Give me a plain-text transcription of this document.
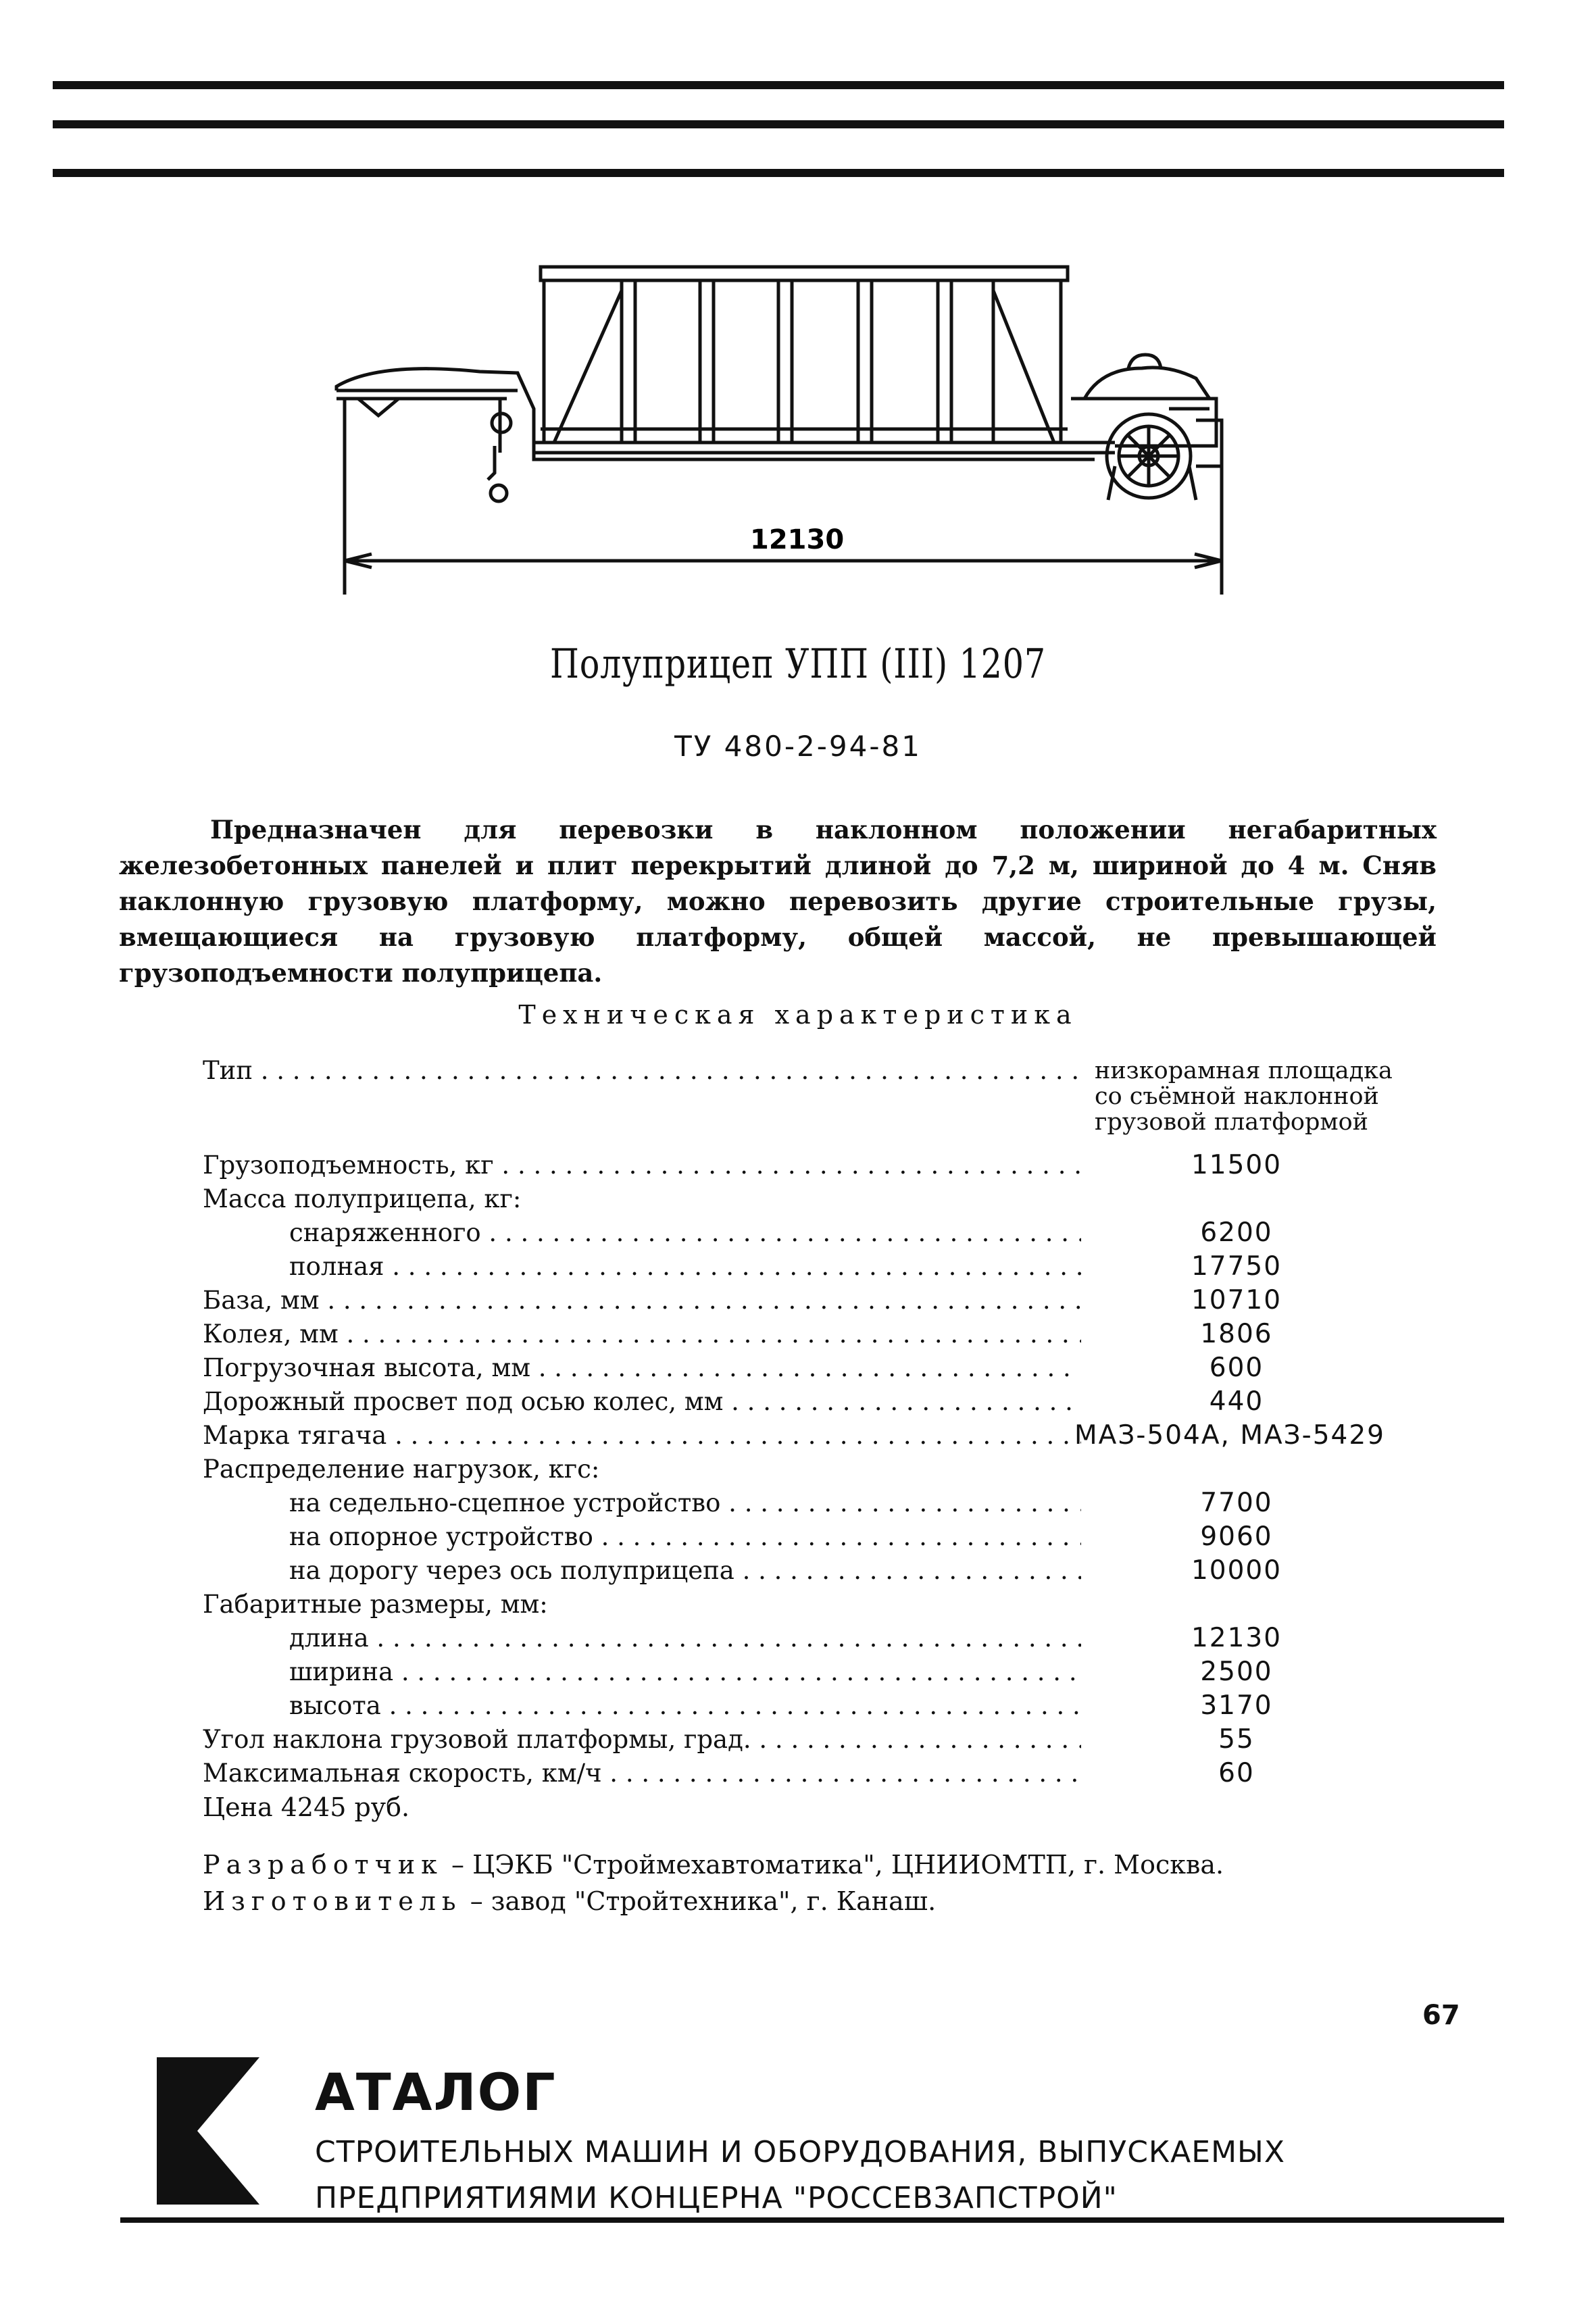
12130
Полуприцеп УПП (III) 1207
ТУ 480-2-94-81

Предназначен для перевозки в наклонном положении негабаритных железобетонных панелей и плит перекрытий длиной до 7,2 м, шириной до 4 м. Сняв наклонную грузовую платформу, можно перевозить другие строительные грузы, вмещающиеся на грузовую платформу, общей массой, не превышающей грузоподъемности полуприцепа.

Техническая характеристика
Тип . . .	низкорамная площадка
со съёмной наклонной
грузовой платформой
Грузоподъемность, кг . . .	11500
Масса полуприцепа, кг:
снаряженного . . .	6200
полная . . .	17750
База, мм . . .	10710
Колея, мм . . .	1806
Погрузочная высота, мм . . .	600
Дорожный просвет под осью колес, мм . . .	440
Марка тягача . . .	МАЗ-504А, МАЗ-5429
Распределение нагрузок, кгс:
на седельно-сцепное устройство . . .	7700
на опорное устройство . . .	9060
на дорогу через ось полуприцепа . . .	10000
Габаритные размеры, мм:
длина . . .	12130
ширина . . .	2500
высота . . .	3170
Угол наклона грузовой платформы, град. . . .	55
Максимальная скорость, км/ч . . .	60
Цена 4245 руб.
Разработчик – ЦЭКБ "Строймехавтоматика", ЦНИИОМТП, г. Москва.
Изготовитель – завод "Стройтехника", г. Канаш.
67
АТАЛОГ
СТРОИТЕЛЬНЫХ МАШИН И ОБОРУДОВАНИЯ, ВЫПУСКАЕМЫХ
ПРЕДПРИЯТИЯМИ КОНЦЕРНА "РОССЕВЗАПСТРОЙ"
